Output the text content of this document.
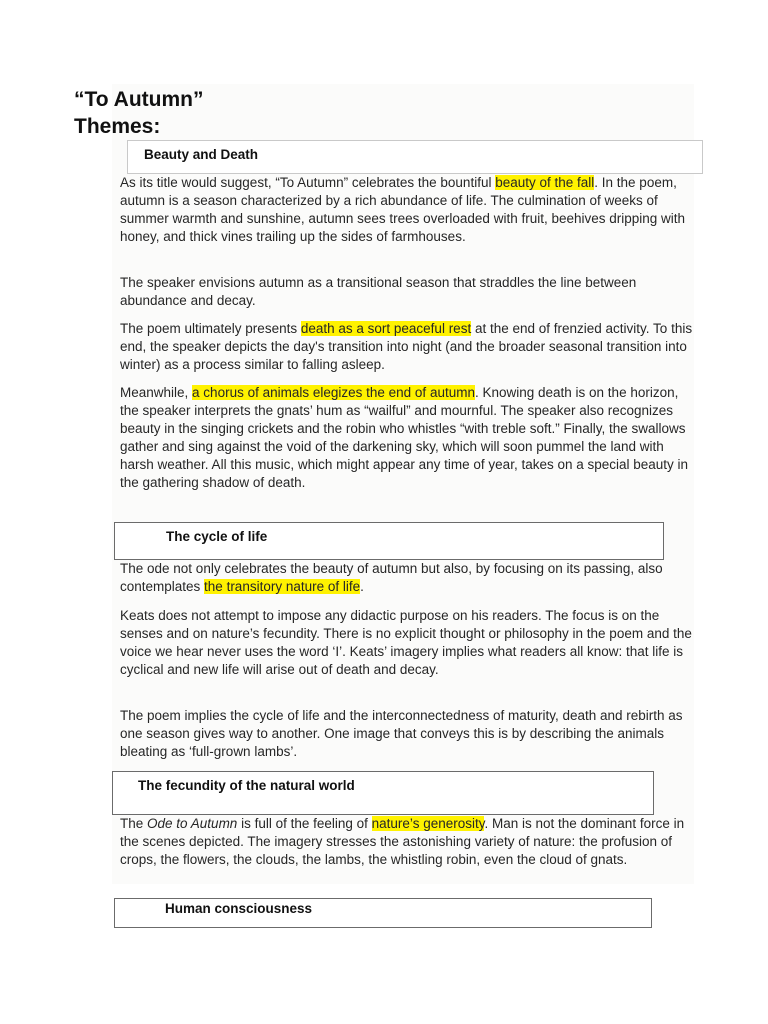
“To Autumn”
Themes:
Beauty and Death

As its title would suggest, “To Autumn” celebrates the bountiful beauty of the fall. In the poem, autumn is a season characterized by a rich abundance of life. The culmination of weeks of summer warmth and sunshine, autumn sees trees overloaded with fruit, beehives dripping with honey, and thick vines trailing up the sides of farmhouses.

The speaker envisions autumn as a transitional season that straddles the line between abundance and decay.

The poem ultimately presents death as a sort peaceful rest at the end of frenzied activity. To this end, the speaker depicts the day's transition into night (and the broader seasonal transition into winter) as a process similar to falling asleep.

Meanwhile, a chorus of animals elegizes the end of autumn. Knowing death is on the horizon, the speaker interprets the gnats’ hum as “wailful” and mournful. The speaker also recognizes beauty in the singing crickets and the robin who whistles “with treble soft.” Finally, the swallows gather and sing against the void of the darkening sky, which will soon pummel the land with harsh weather. All this music, which might appear any time of year, takes on a special beauty in the gathering shadow of death.

The cycle of life

The ode not only celebrates the beauty of autumn but also, by focusing on its passing, also contemplates the transitory nature of life.

Keats does not attempt to impose any didactic purpose on his readers. The focus is on the senses and on nature’s fecundity. There is no explicit thought or philosophy in the poem and the voice we hear never uses the word ‘I’. Keats’ imagery implies what readers all know: that life is cyclical and new life will arise out of death and decay.

The poem implies the cycle of life and the interconnectedness of maturity, death and rebirth as one season gives way to another. One image that conveys this is by describing the animals bleating as ‘full-grown lambs’.

The fecundity of the natural world

The Ode to Autumn is full of the feeling of nature’s generosity. Man is not the dominant force in the scenes depicted. The imagery stresses the astonishing variety of nature: the profusion of crops, the flowers, the clouds, the lambs, the whistling robin, even the cloud of gnats.

Human consciousness
